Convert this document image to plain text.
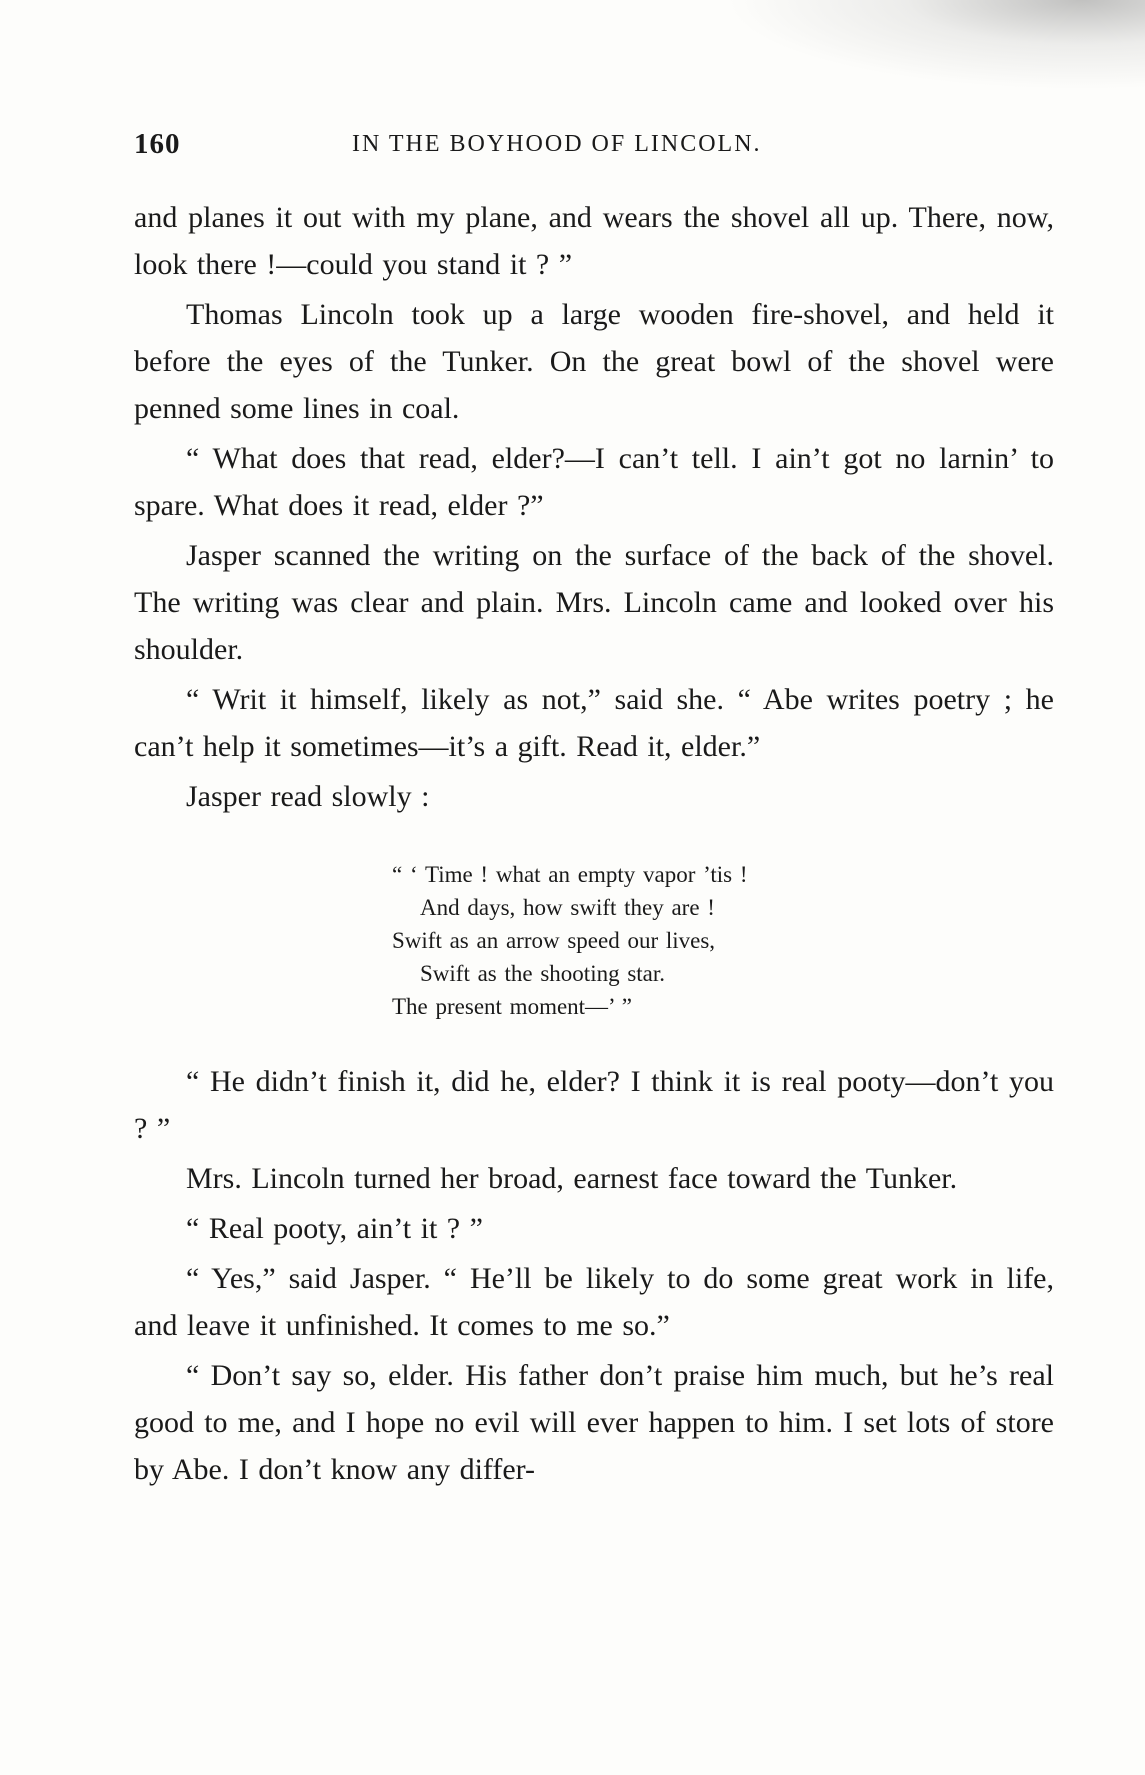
160	IN THE BOYHOOD OF LINCOLN.

and planes it out with my plane, and wears the shovel all up. There, now, look there !—could you stand it ? ”

Thomas Lincoln took up a large wooden fire-shovel, and held it before the eyes of the Tunker. On the great bowl of the shovel were penned some lines in coal.

“ What does that read, elder?—I can’t tell. I ain’t got no larnin’ to spare. What does it read, elder ?”

Jasper scanned the writing on the surface of the back of the shovel. The writing was clear and plain. Mrs. Lincoln came and looked over his shoulder.

“ Writ it himself, likely as not,” said she. “ Abe writes poetry ; he can’t help it sometimes—it’s a gift. Read it, elder.”

Jasper read slowly :

“ ‘ Time ! what an empty vapor ’tis !
And days, how swift they are !
Swift as an arrow speed our lives,
Swift as the shooting star.
The present moment—’ ”

“ He didn’t finish it, did he, elder? I think it is real pooty—don’t you ? ”

Mrs. Lincoln turned her broad, earnest face toward the Tunker.

“ Real pooty, ain’t it ? ”

“ Yes,” said Jasper. “ He’ll be likely to do some great work in life, and leave it unfinished. It comes to me so.”

“ Don’t say so, elder. His father don’t praise him much, but he’s real good to me, and I hope no evil will ever happen to him. I set lots of store by Abe. I don’t know any differ-
